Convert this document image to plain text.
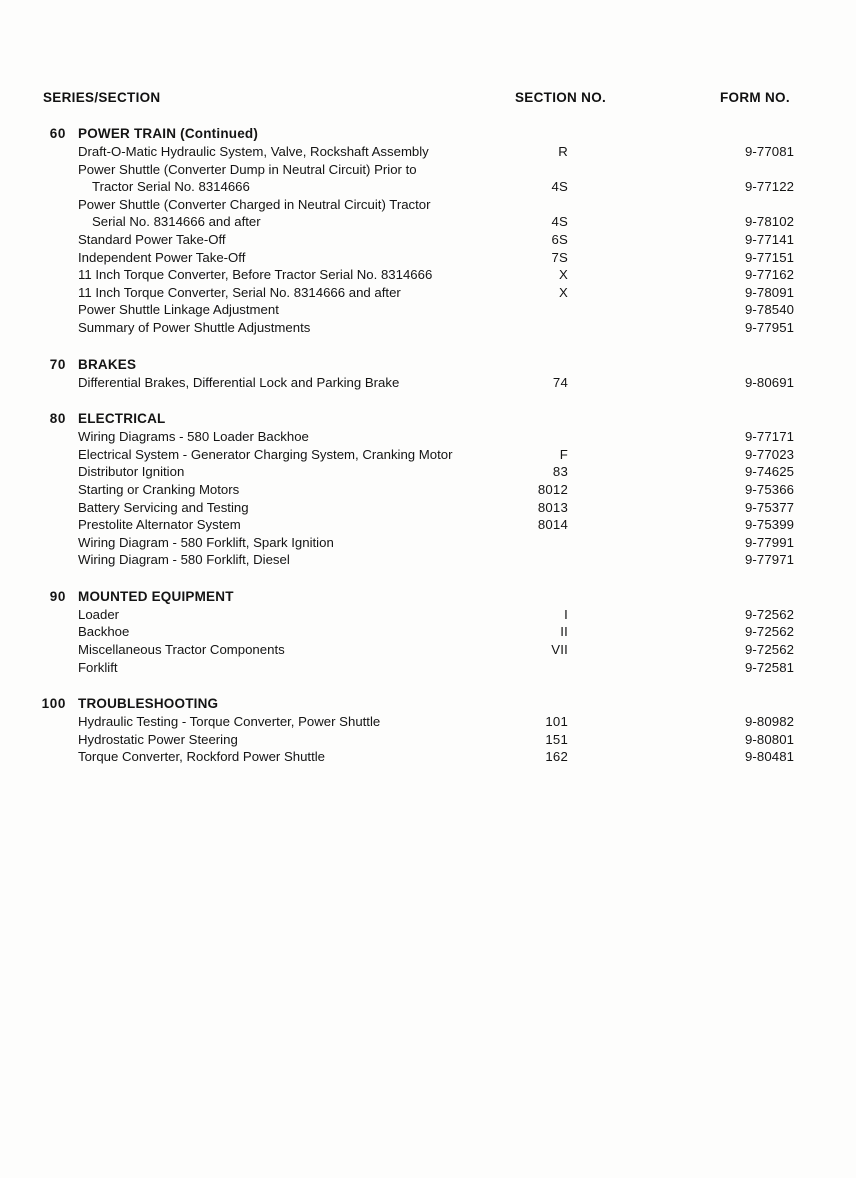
SERIES/SECTION	SECTION NO.	FORM NO.
60 POWER TRAIN (Continued)
Draft-O-Matic Hydraulic System, Valve, Rockshaft Assembly	R	9-77081
Power Shuttle (Converter Dump in Neutral Circuit) Prior to
Tractor Serial No. 8314666	4S	9-77122
Power Shuttle (Converter Charged in Neutral Circuit) Tractor
Serial No. 8314666 and after	4S	9-78102
Standard Power Take-Off	6S	9-77141
Independent Power Take-Off	7S	9-77151
11 Inch Torque Converter, Before Tractor Serial No. 8314666	X	9-77162
11 Inch Torque Converter, Serial No. 8314666 and after	X	9-78091
Power Shuttle Linkage Adjustment	9-78540
Summary of Power Shuttle Adjustments	9-77951
70 BRAKES
Differential Brakes, Differential Lock and Parking Brake	74	9-80691
80 ELECTRICAL
Wiring Diagrams - 580 Loader Backhoe	9-77171
Electrical System - Generator Charging System, Cranking Motor	F	9-77023
Distributor Ignition	83	9-74625
Starting or Cranking Motors	8012	9-75366
Battery Servicing and Testing	8013	9-75377
Prestolite Alternator System	8014	9-75399
Wiring Diagram - 580 Forklift, Spark Ignition	9-77991
Wiring Diagram - 580 Forklift, Diesel	9-77971
90 MOUNTED EQUIPMENT
Loader	I	9-72562
Backhoe	II	9-72562
Miscellaneous Tractor Components	VII	9-72562
Forklift	9-72581
100 TROUBLESHOOTING
Hydraulic Testing - Torque Converter, Power Shuttle	101	9-80982
Hydrostatic Power Steering	151	9-80801
Torque Converter, Rockford Power Shuttle	162	9-80481
